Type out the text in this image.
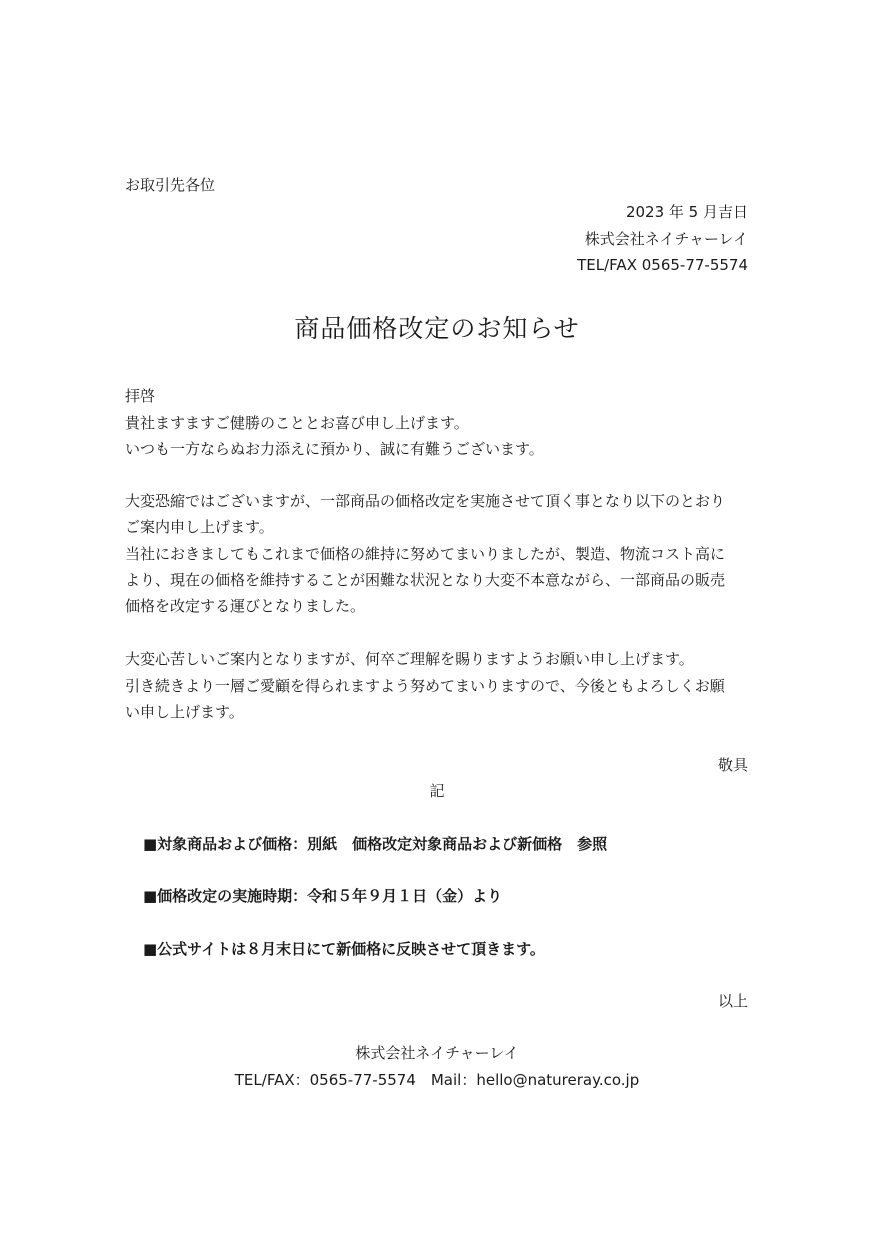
お取引先各位
2023 年 5 月吉日
株式会社ネイチャーレイ
TEL/FAX 0565-77-5574
商品価格改定のお知らせ
拝啓
貴社ますますご健勝のこととお喜び申し上げます。
いつも一方ならぬお力添えに預かり、誠に有難うございます。
大変恐縮ではございますが、一部商品の価格改定を実施させて頂く事となり以下のとおり
ご案内申し上げます。
当社におきましてもこれまで価格の維持に努めてまいりましたが、製造、物流コスト高に
より、現在の価格を維持することが困難な状況となり大変不本意ながら、一部商品の販売
価格を改定する運びとなりました。
大変心苦しいご案内となりますが、何卒ご理解を賜りますようお願い申し上げます。
引き続きより一層ご愛顧を得られますよう努めてまいりますので、今後ともよろしくお願
い申し上げます。
敬具
記
■対象商品および価格：別紙　価格改定対象商品および新価格　参照
■価格改定の実施時期：令和５年９月１日（金）より
■公式サイトは８月末日にて新価格に反映させて頂きます。
以上
株式会社ネイチャーレイ
TEL/FAX：0565-77-5574　Mail：hello@natureray.co.jp
